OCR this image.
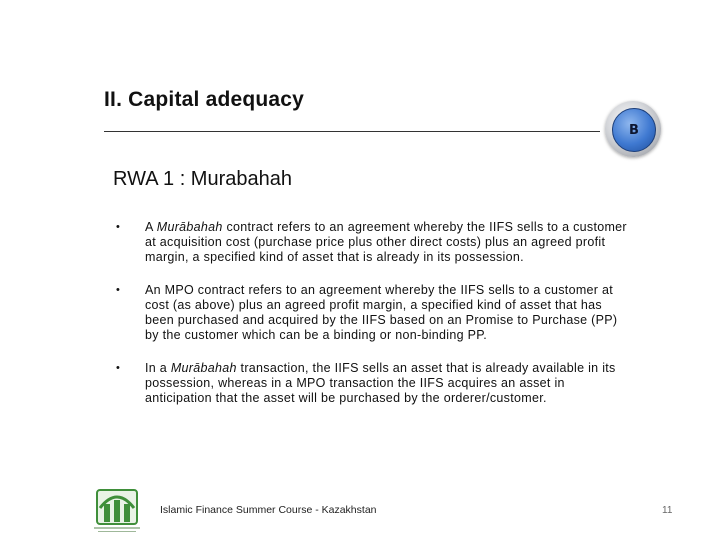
II. Capital adequacy
B
RWA 1 : Murabahah
• A Murābahah contract refers to an agreement whereby the IIFS sells to a customer at acquisition cost (purchase price plus other direct costs) plus an agreed profit margin, a specified kind of asset that is already in its possession.
• An MPO contract refers to an agreement whereby the IIFS sells to a customer at cost (as above) plus an agreed profit margin, a specified kind of asset that has been purchased and acquired by the IIFS based on an Promise to Purchase (PP) by the customer which can be a binding or non-binding PP.
• In a Murābahah transaction, the IIFS sells an asset that is already available in its possession, whereas in a MPO transaction the IIFS acquires an asset in anticipation that the asset will be purchased by the orderer/customer.
Islamic Finance Summer Course - Kazakhstan	11
